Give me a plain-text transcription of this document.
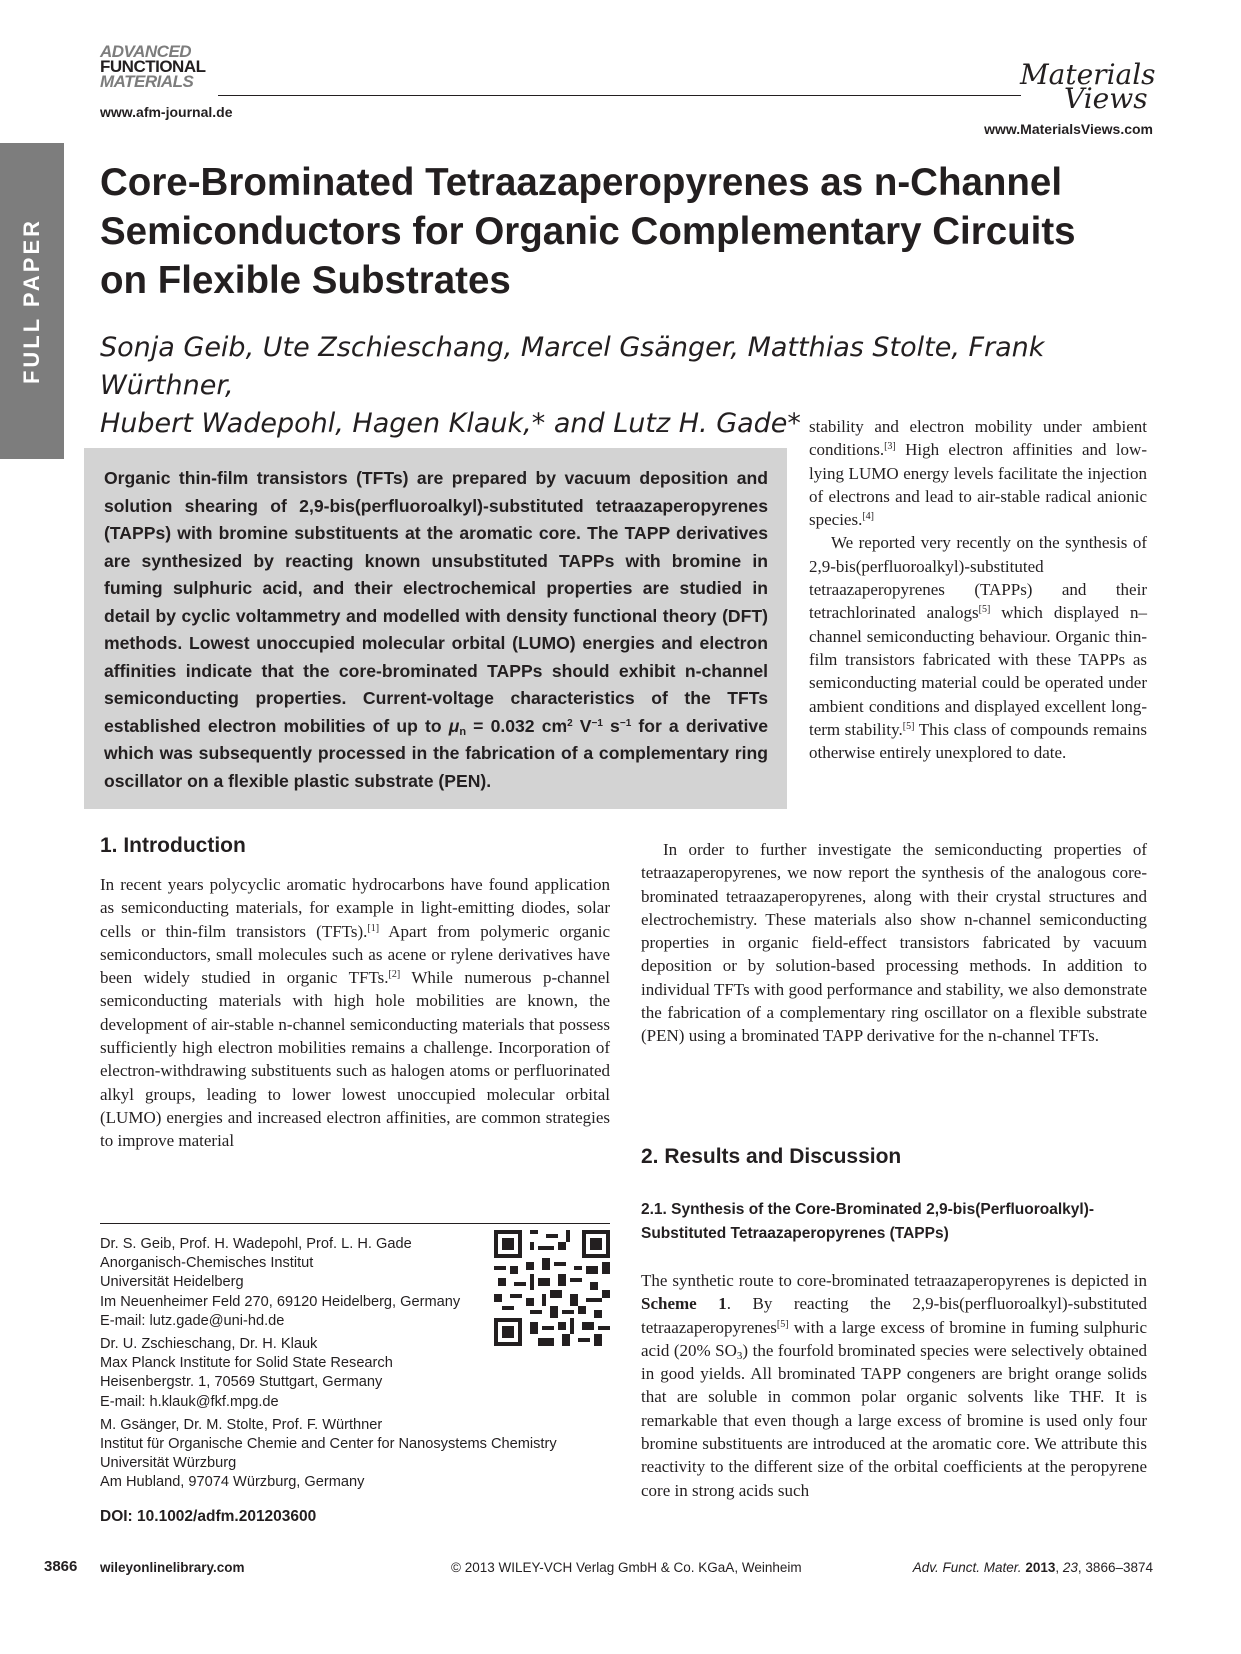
FULL PAPER
ADVANCED
FUNCTIONAL
MATERIALS
www.afm-journal.de
Materials
Views
www.MaterialsViews.com
Core-Brominated Tetraazaperopyrenes as n-Channel Semiconductors for Organic Complementary Circuits on Flexible Substrates
Sonja Geib, Ute Zschieschang, Marcel Gsänger, Matthias Stolte, Frank Würthner,
Hubert Wadepohl, Hagen Klauk,* and Lutz H. Gade*

Organic thin-film transistors (TFTs) are prepared by vacuum deposition and solution shearing of 2,9-bis(perfluoroalkyl)-substituted tetraazaperopyrenes (TAPPs) with bromine substituents at the aromatic core. The TAPP derivatives are synthesized by reacting known unsubstituted TAPPs with bromine in fuming sulphuric acid, and their electrochemical properties are studied in detail by cyclic voltammetry and modelled with density functional theory (DFT) methods. Lowest unoccupied molecular orbital (LUMO) energies and electron affinities indicate that the core-brominated TAPPs should exhibit n-channel semiconducting properties. Current-voltage characteristics of the TFTs established electron mobilities of up to $\mu_n = 0.032$ $cm^2$ $V^{-1}$ $s^{-1}$ for a derivative which was subsequently processed in the fabrication of a complementary ring oscillator on a flexible plastic substrate (PEN).

stability and electron mobility under ambient conditions.[3] High electron affinities and low-lying LUMO energy levels facilitate the injection of electrons and lead to air-stable radical anionic species.[4]

We reported very recently on the synthesis of 2,9-bis(perfluoroalkyl)-substituted tetraazaperopyrenes (TAPPs) and their tetrachlorinated analogs[5] which displayed n–channel semiconducting behaviour. Organic thin-film transistors fabricated with these TAPPs as semiconducting material could be operated under ambient conditions and displayed excellent long-term stability.[5] This class of compounds remains otherwise entirely unexplored to date.

1. Introduction

In recent years polycyclic aromatic hydrocarbons have found application as semiconducting materials, for example in light-emitting diodes, solar cells or thin-film transistors (TFTs).[1] Apart from polymeric organic semiconductors, small molecules such as acene or rylene derivatives have been widely studied in organic TFTs.[2] While numerous p-channel semiconducting materials with high hole mobilities are known, the development of air-stable n-channel semiconducting materials that possess sufficiently high electron mobilities remains a challenge. Incorporation of electron-withdrawing substituents such as halogen atoms or perfluorinated alkyl groups, leading to lower lowest unoccupied molecular orbital (LUMO) energies and increased electron affinities, are common strategies to improve material

In order to further investigate the semiconducting properties of tetraazaperopyrenes, we now report the synthesis of the analogous core-brominated tetraazaperopyrenes, along with their crystal structures and electrochemistry. These materials also show n-channel semiconducting properties in organic field-effect transistors fabricated by vacuum deposition or by solution-based processing methods. In addition to individual TFTs with good performance and stability, we also demonstrate the fabrication of a complementary ring oscillator on a flexible substrate (PEN) using a brominated TAPP derivative for the n-channel TFTs.

2. Results and Discussion
2.1. Synthesis of the Core-Brominated 2,9-bis(Perfluoroalkyl)-Substituted Tetraazaperopyrenes (TAPPs)

The synthetic route to core-brominated tetraazaperopyrenes is depicted in Scheme 1. By reacting the 2,9-bis(perfluoroalkyl)-substituted tetraazaperopyrenes[5] with a large excess of bromine in fuming sulphuric acid (20% $SO_3$) the fourfold brominated species were selectively obtained in good yields. All brominated TAPP congeners are bright orange solids that are soluble in common polar organic solvents like THF. It is remarkable that even though a large excess of bromine is used only four bromine substituents are introduced at the aromatic core. We attribute this reactivity to the different size of the orbital coefficients at the peropyrene core in strong acids such

Dr. S. Geib, Prof. H. Wadepohl, Prof. L. H. Gade
Anorganisch-Chemisches Institut
Universität Heidelberg
Im Neuenheimer Feld 270, 69120 Heidelberg, Germany
E-mail: lutz.gade@uni-hd.de

Dr. U. Zschieschang, Dr. H. Klauk
Max Planck Institute for Solid State Research
Heisenbergstr. 1, 70569 Stuttgart, Germany
E-mail: h.klauk@fkf.mpg.de

M. Gsänger, Dr. M. Stolte, Prof. F. Würthner
Institut für Organische Chemie and Center for Nanosystems Chemistry
Universität Würzburg
Am Hubland, 97074 Würzburg, Germany

DOI: 10.1002/adfm.201203600
3866 wileyonlinelibrary.com	© 2013 WILEY-VCH Verlag GmbH & Co. KGaA, Weinheim	Adv. Funct. Mater. 2013, 23, 3866–3874
